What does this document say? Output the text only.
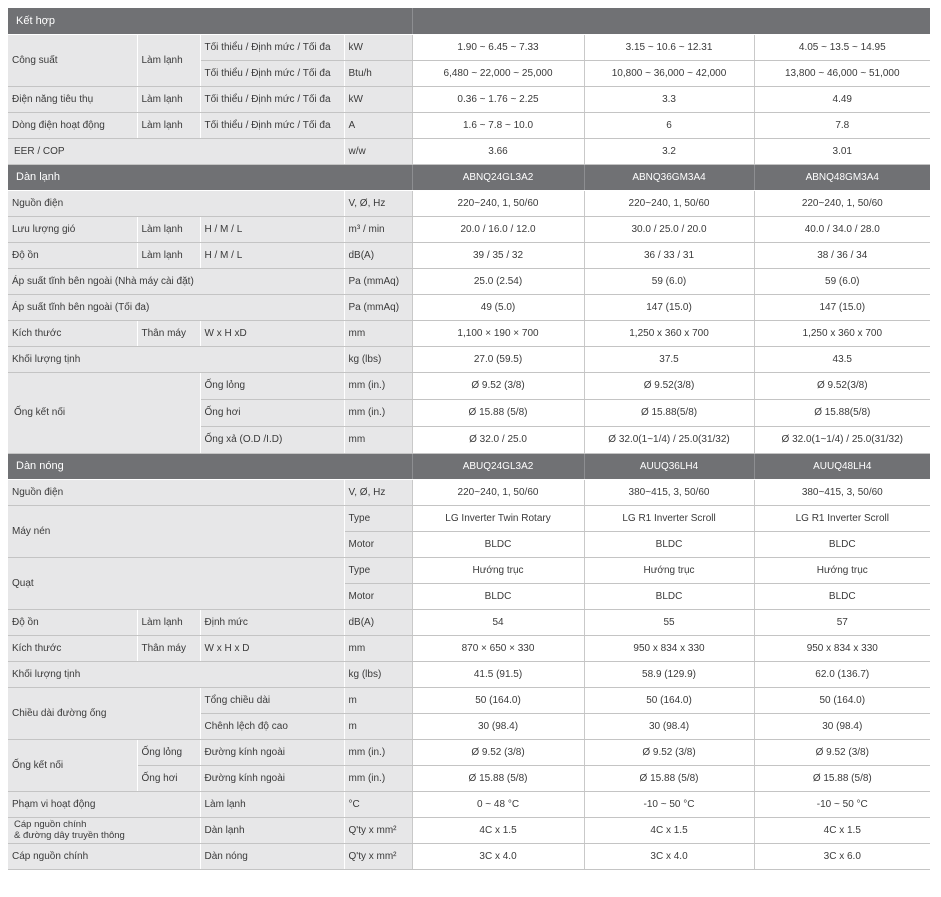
Kết hợp						
Công suất	Làm lạnh	Tối thiểu / Định mức / Tối đa	kW	1.90 ~ 6.45 ~ 7.33	3.15 ~ 10.6 ~ 12.31	4.05 ~ 13.5 ~ 14.95
		Tối thiểu / Định mức / Tối đa	Btu/h	6,480 ~ 22,000 ~ 25,000	10,800 ~ 36,000 ~ 42,000	13,800 ~ 46,000 ~ 51,000
Điện năng tiêu thụ	Làm lạnh	Tối thiểu / Định mức / Tối đa	kW	0.36 ~ 1.76 ~ 2.25	3.3	4.49
Dòng điện hoạt động	Làm lạnh	Tối thiểu / Định mức / Tối đa	A	1.6 ~ 7.8 ~ 10.0	6	7.8
EER / COP			w/w	3.66	3.2	3.01
Dàn lạnh				ABNQ24GL3A2	ABNQ36GM3A4	ABNQ48GM3A4
Nguồn điện			V, Ø, Hz	220~240, 1, 50/60	220~240, 1, 50/60	220~240, 1, 50/60
Lưu lượng gió	Làm lạnh	H / M / L	m³ / min	20.0 / 16.0 / 12.0	30.0 / 25.0 / 20.0	40.0 / 34.0 / 28.0
Độ ồn	Làm lạnh	H / M / L	dB(A)	39 / 35 / 32	36 / 33 / 31	38 / 36 / 34
Áp suất tĩnh bên ngoài (Nhà máy cài đặt)			Pa (mmAq)	25.0 (2.54)	59 (6.0)	59 (6.0)
Áp suất tĩnh bên ngoài (Tối đa)			Pa (mmAq)	49 (5.0)	147 (15.0)	147 (15.0)
Kích thước	Thân máy	W x H xD	mm	1,100 × 190 × 700	1,250 x 360 x 700	1,250 x 360 x 700
Khối lượng tịnh			kg (lbs)	27.0 (59.5)	37.5	43.5
Ống kết nối		Ống lỏng	mm (in.)	Ø 9.52 (3/8)	Ø 9.52(3/8)	Ø 9.52(3/8)
		Ống hơi	mm (in.)	Ø 15.88 (5/8)	Ø 15.88(5/8)	Ø 15.88(5/8)
		Ống xả (O.D /I.D)	mm	Ø 32.0 / 25.0	Ø 32.0(1~1/4) / 25.0(31/32)	Ø 32.0(1~1/4) / 25.0(31/32)
Dàn nóng				ABUQ24GL3A2	AUUQ36LH4	AUUQ48LH4
Nguồn điện			V, Ø, Hz	220~240, 1, 50/60	380~415, 3, 50/60	380~415, 3, 50/60
Máy nén			Type	LG Inverter Twin Rotary	LG R1 Inverter Scroll	LG R1 Inverter Scroll
			Motor	BLDC	BLDC	BLDC
Quạt			Type	Hướng trục	Hướng trục	Hướng trục
			Motor	BLDC	BLDC	BLDC
Độ ồn	Làm lạnh	Định mức	dB(A)	54	55	57
Kích thước	Thân máy	W x H x D	mm	870 × 650 × 330	950 x 834 x 330	950 x 834 x 330
Khối lượng tịnh			kg (lbs)	41.5 (91.5)	58.9 (129.9)	62.0 (136.7)
Chiều dài đường ống		Tổng chiều dài	m	50 (164.0)	50 (164.0)	50 (164.0)
		Chênh lệch độ cao	m	30 (98.4)	30 (98.4)	30 (98.4)
Ống kết nối	Ống lỏng	Đường kính ngoài	mm (in.)	Ø 9.52 (3/8)	Ø 9.52 (3/8)	Ø 9.52 (3/8)
	Ống hơi	Đường kính ngoài	mm (in.)	Ø 15.88 (5/8)	Ø 15.88 (5/8)	Ø 15.88 (5/8)
Phạm vi hoạt động		Làm lạnh	°C	0 ~ 48 °C	-10 ~ 50 °C	-10 ~ 50 °C
Cáp nguồn chính
& đường dây truyền thông		Dàn lạnh	Q'ty x mm²	4C x 1.5	4C x 1.5	4C x 1.5
Cáp nguồn chính		Dàn nóng	Q'ty x mm²	3C x 4.0	3C x 4.0	3C x 6.0
